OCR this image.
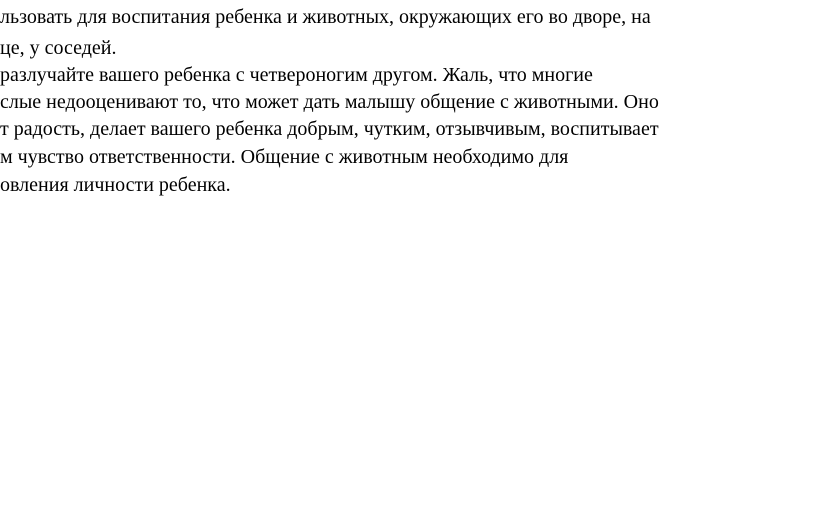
льзовать для воспитания ребенка и животных, окружающих его во дворе, на

це, у соседей.

разлучайте вашего ребенка с четвероногим другом. Жаль, что многие

слые недооценивают то, что может дать малышу общение с животными. Оно

т радость, делает вашего ребенка добрым, чутким, отзывчивым, воспитывает

м чувство ответственности. Общение с животным необходимо для

овления личности ребенка.
